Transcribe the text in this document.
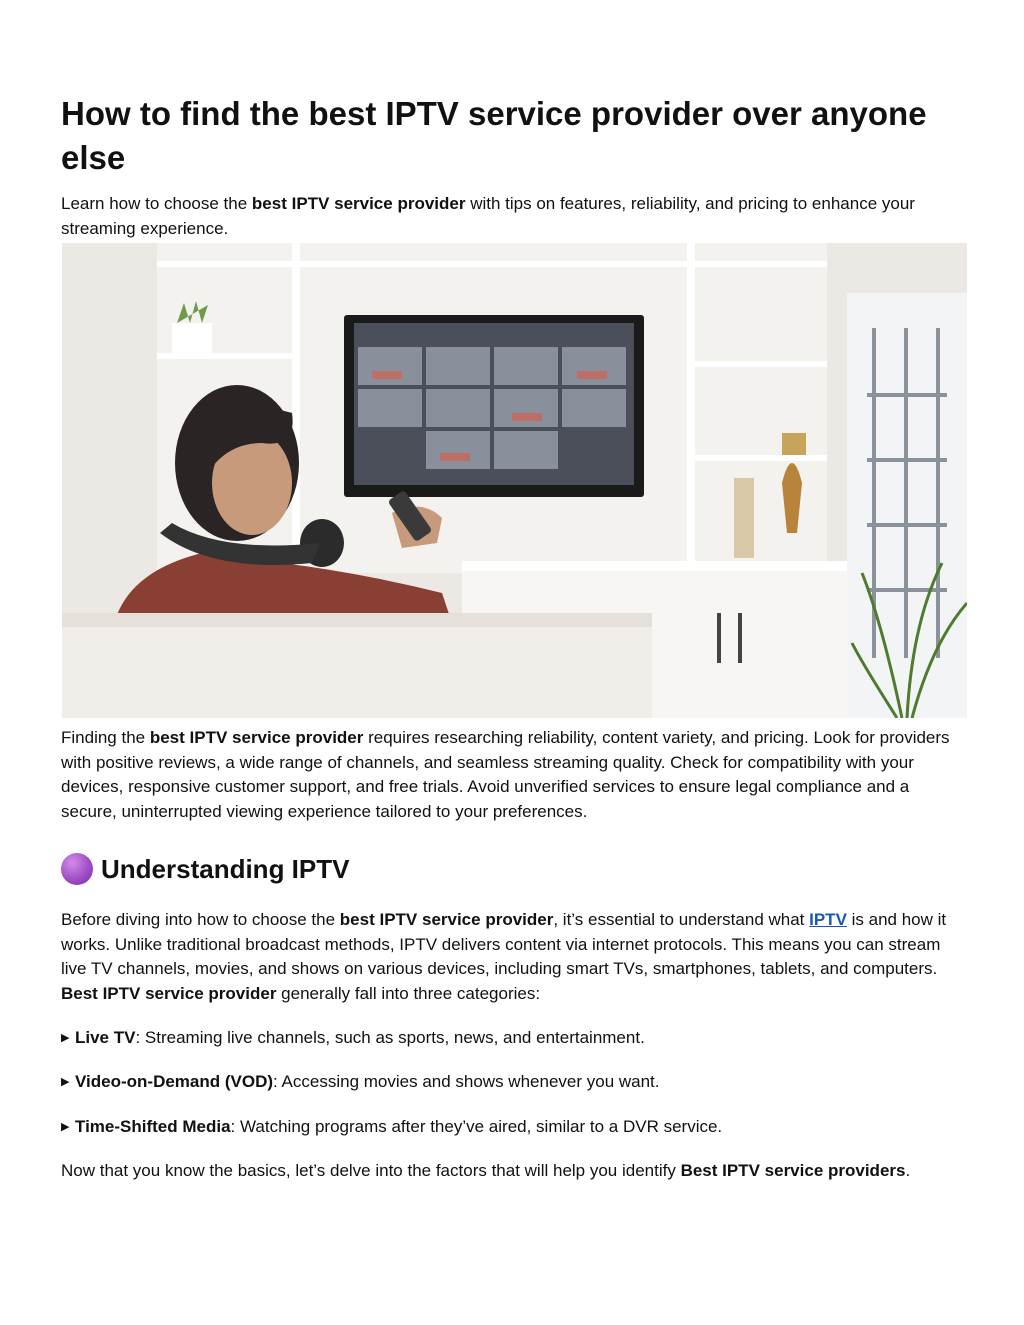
How to find the best IPTV service provider over anyone else

Learn how to choose the best IPTV service provider with tips on features, reliability, and pricing to enhance your streaming experience.

Finding the best IPTV service provider requires researching reliability, content variety, and pricing. Look for providers with positive reviews, a wide range of channels, and seamless streaming quality. Check for compatibility with your devices, responsive customer support, and free trials. Avoid unverified services to ensure legal compliance and a secure, uninterrupted viewing experience tailored to your preferences.

Understanding IPTV

Before diving into how to choose the best IPTV service provider, it’s essential to understand what IPTV is and how it works. Unlike traditional broadcast methods, IPTV delivers content via internet protocols. This means you can stream live TV channels, movies, and shows on various devices, including smart TVs, smartphones, tablets, and computers. Best IPTV service provider generally fall into three categories:

▶ Live TV: Streaming live channels, such as sports, news, and entertainment.

▶ Video-on-Demand (VOD): Accessing movies and shows whenever you want.

▶ Time-Shifted Media: Watching programs after they’ve aired, similar to a DVR service.

Now that you know the basics, let’s delve into the factors that will help you identify Best IPTV service providers.
